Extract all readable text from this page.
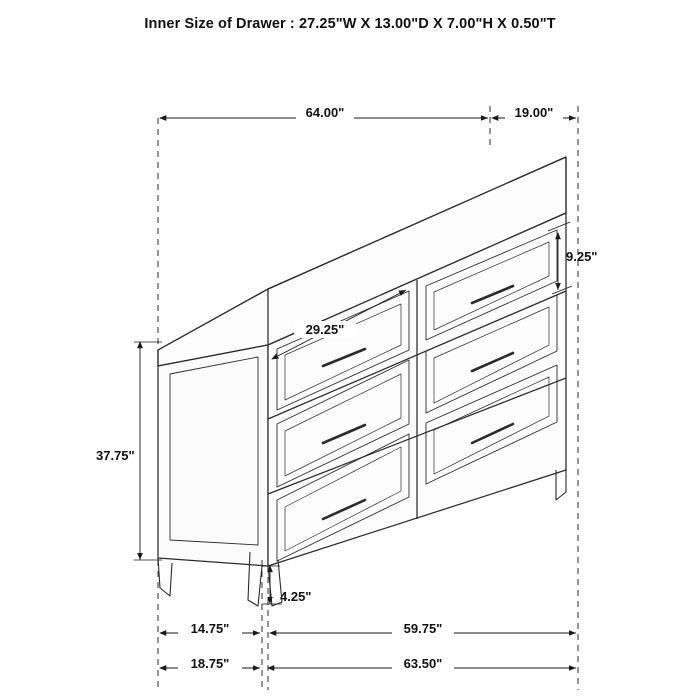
Inner Size of Drawer : 27.25"W X 13.00"D X 7.00"H X 0.50"T
64.00"	19.00"
29.25"
9.25"
37.75"
4.25"
14.75"	59.75"
18.75"	63.50"
